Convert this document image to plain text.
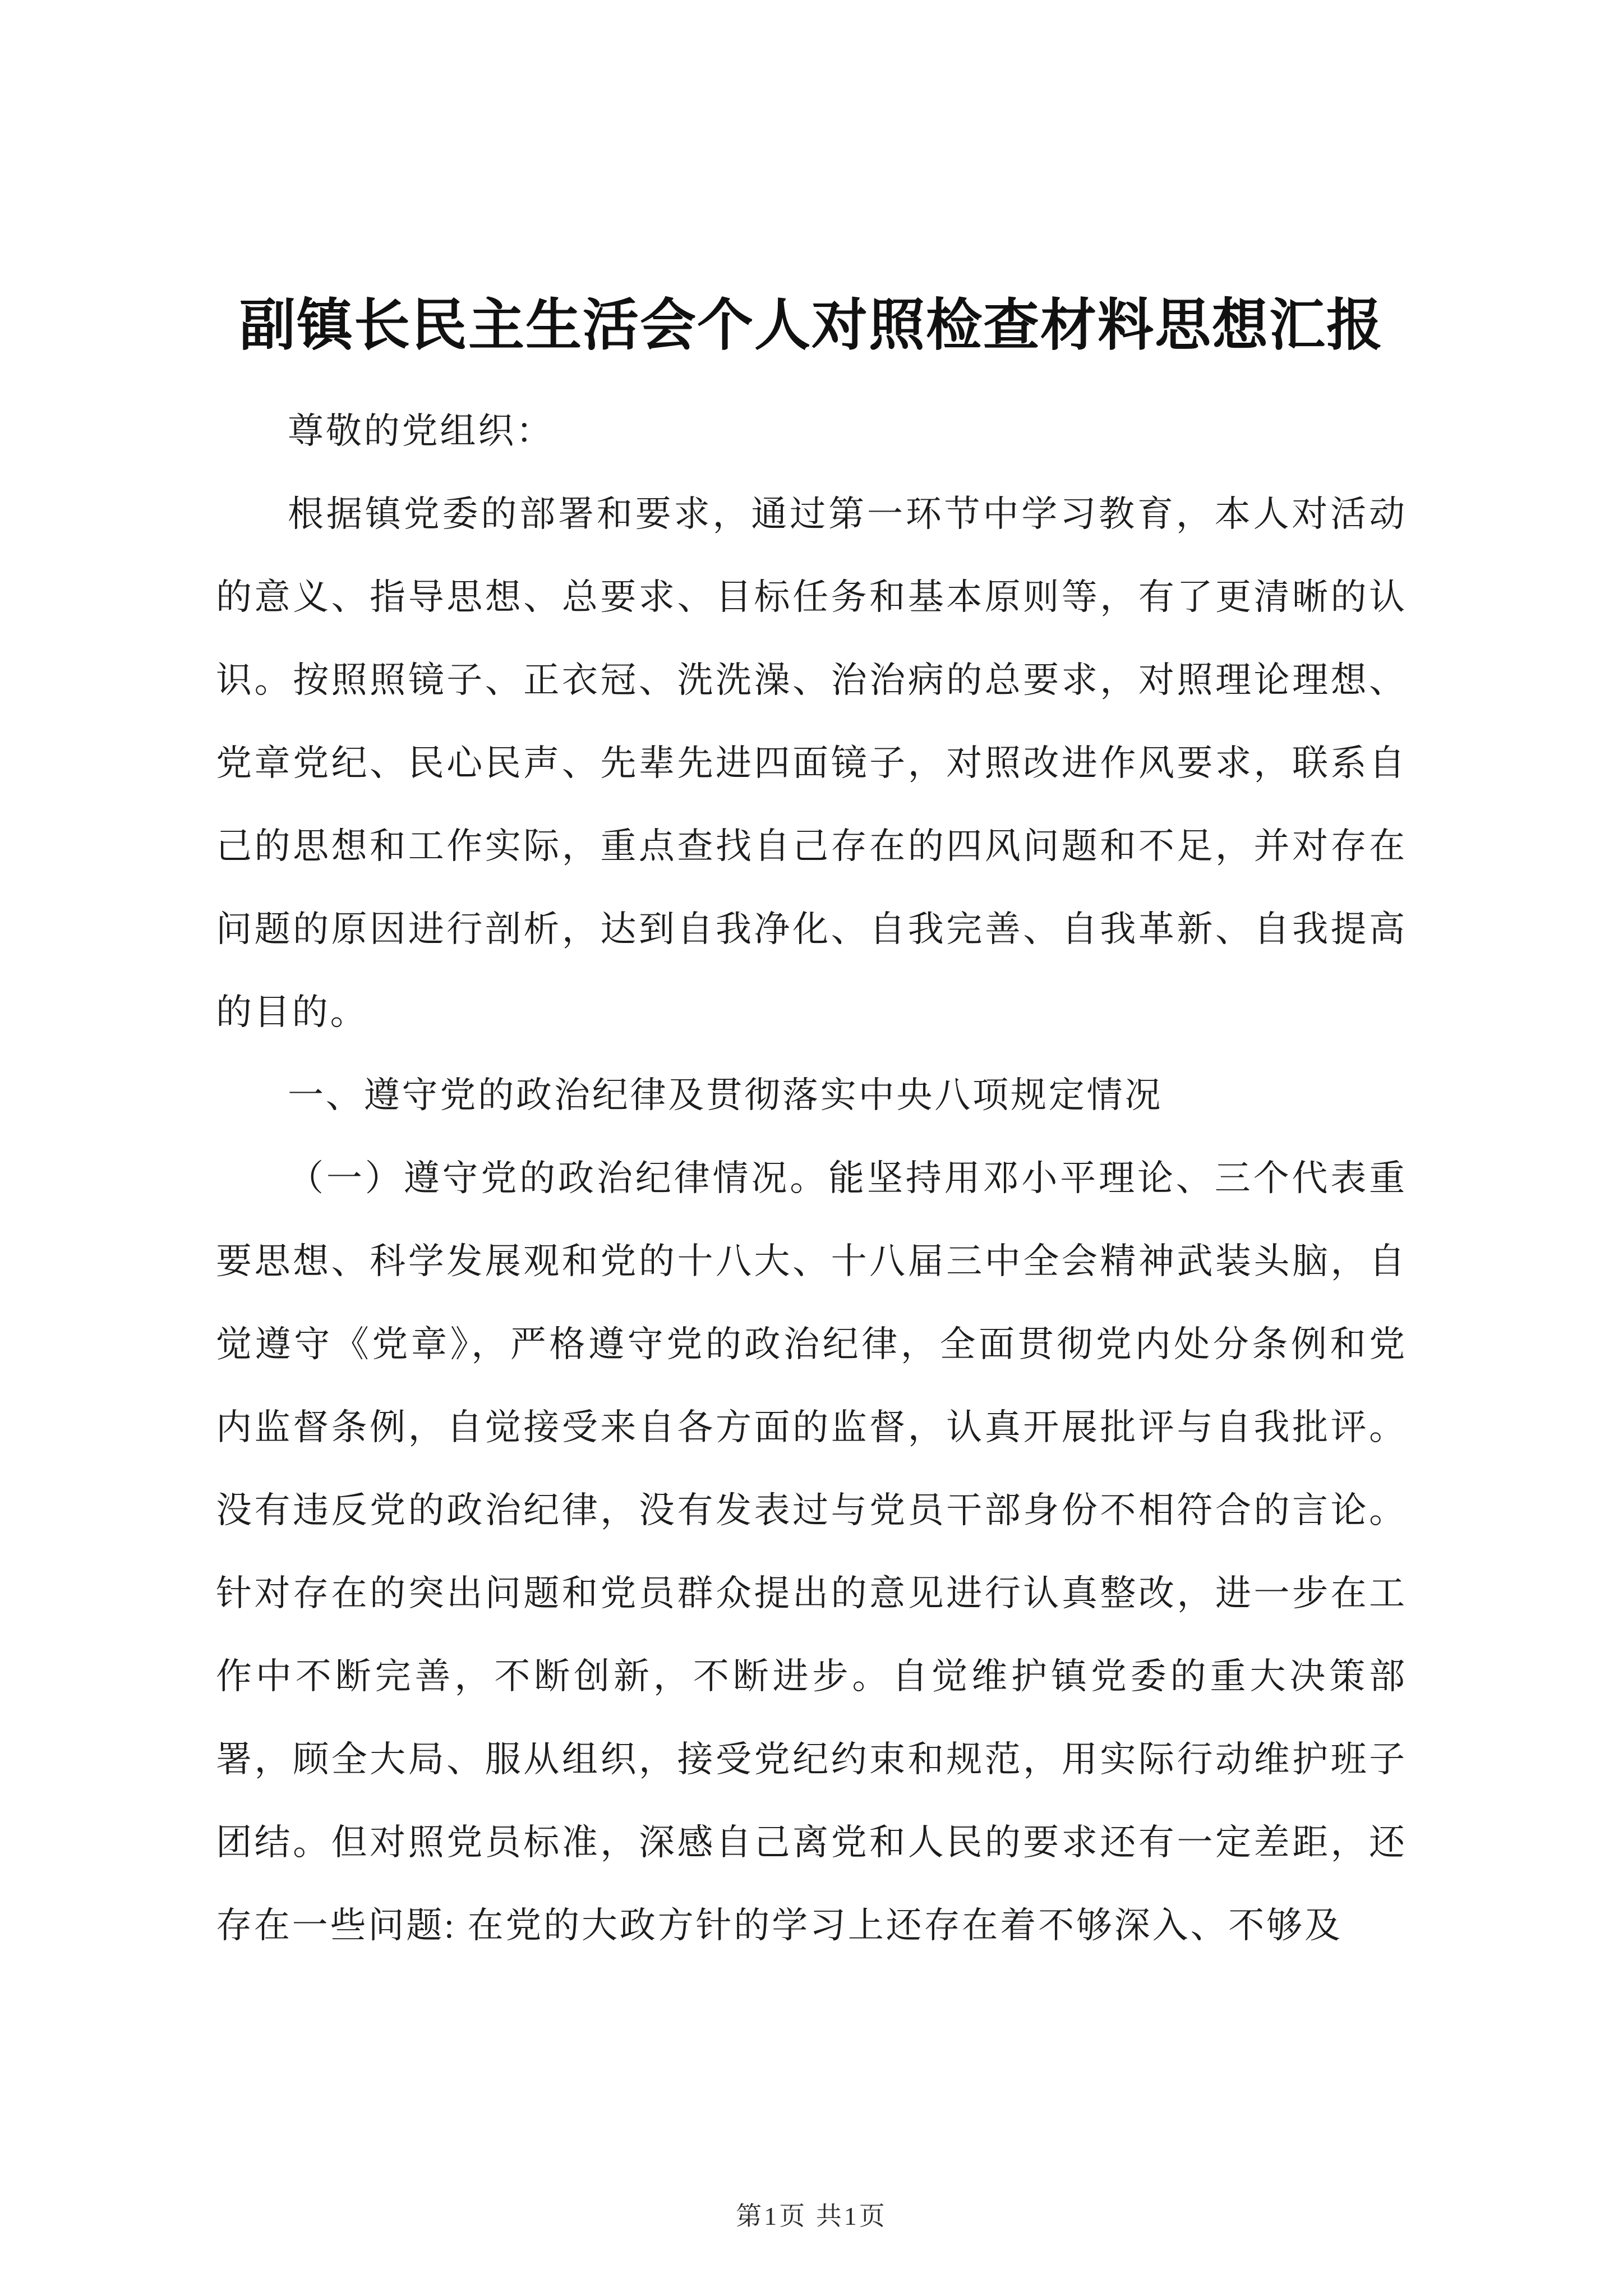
副镇长民主生活会个人对照检查材料思想汇报

尊敬的党组织：

根据镇党委的部署和要求，通过第一环节中学习教育，本人对活动的意义、指导思想、总要求、目标任务和基本原则等，有了更清晰的认识。按照照镜子、正衣冠、洗洗澡、治治病的总要求，对照理论理想、党章党纪、民心民声、先辈先进四面镜子，对照改进作风要求，联系自己的思想和工作实际，重点查找自己存在的四风问题和不足，并对存在问题的原因进行剖析，达到自我净化、自我完善、自我革新、自我提高的目的。

一、遵守党的政治纪律及贯彻落实中央八项规定情况

（一）遵守党的政治纪律情况。能坚持用邓小平理论、三个代表重要思想、科学发展观和党的十八大、十八届三中全会精神武装头脑，自觉遵守《党章》，严格遵守党的政治纪律，全面贯彻党内处分条例和党内监督条例，自觉接受来自各方面的监督，认真开展批评与自我批评。没有违反党的政治纪律，没有发表过与党员干部身份不相符合的言论。针对存在的突出问题和党员群众提出的意见进行认真整改，进一步在工作中不断完善，不断创新，不断进步。自觉维护镇党委的重大决策部署，顾全大局、服从组织，接受党纪约束和规范，用实际行动维护班子团结。但对照党员标准，深感自己离党和人民的要求还有一定差距，还存在一些问题: 在党的大政方针的学习上还存在着不够深入、不够及

第1页 共1页
